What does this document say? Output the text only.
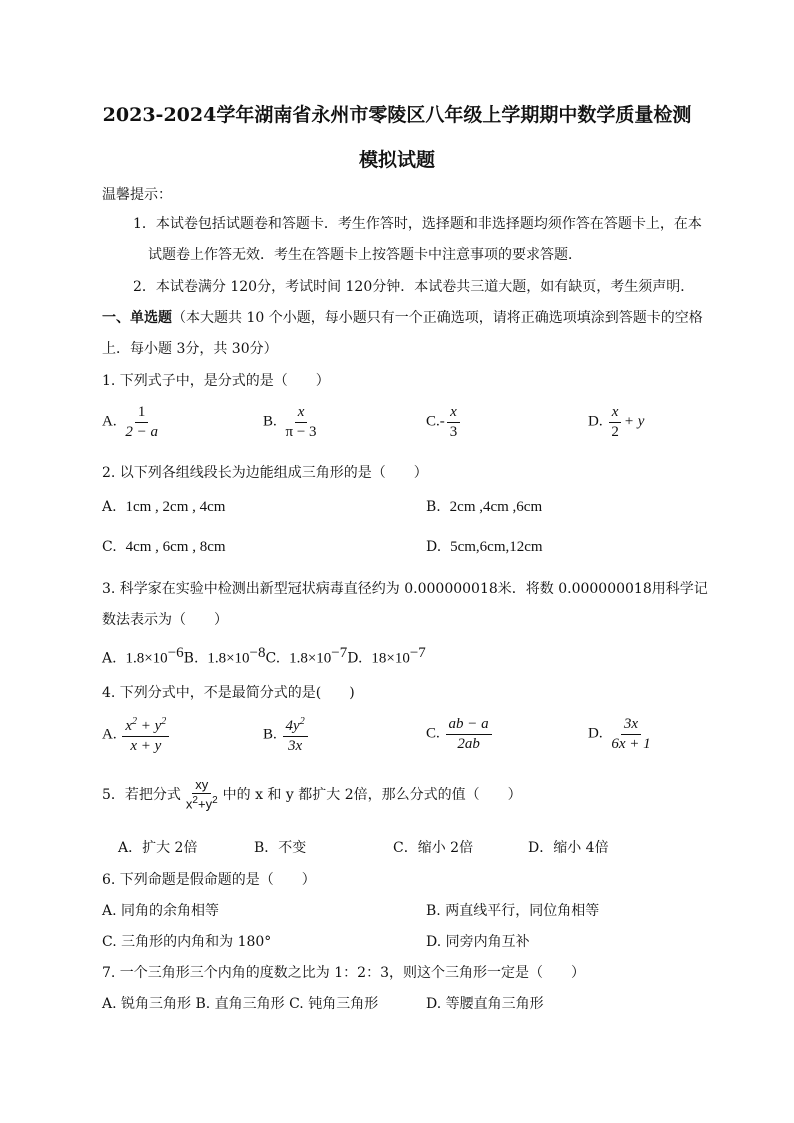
2023-2024学年湖南省永州市零陵区八年级上学期期中数学质量检测
模拟试题
温馨提示：
1．本试卷包括试题卷和答题卡．考生作答时，选择题和非选择题均须作答在答题卡上，在本
试题卷上作答无效．考生在答题卡上按答题卡中注意事项的要求答题．
2．本试卷满分 120分，考试时间 120分钟．本试卷共三道大题，如有缺页，考生须声明．
一、单选题（本大题共 10 个小题，每小题只有一个正确选项，请将正确选项填涂到答题卡的空格
上．每小题 3分，共 30分）
1. 下列式子中，是分式的是（　　）
A. $\frac{1}{2 - a}$	B. $\frac{x}{\pi - 3}$	$C.- \frac{x}{3}$	D. $\frac{x}{2} + y$
2. 以下列各组线段长为边能组成三角形的是（　　）
A. 1cm , 2cm , 4cm	B. 2cm ,4cm ,6cm
C. 4cm , 6cm , 8cm	D. 5cm,6cm,12cm
3. 科学家在实验中检测出新型冠状病毒直径约为 0.000000018米．将数 0.000000018用科学记
数法表示为（　　）
A. $1.8\times 10^{-6}B$. $1.8\times 10^{-8}C$. $1.8\times 10^{-7}D$. $18\times 10^{-7}$
4. 下列分式中，不是最简分式的是(　　)
A. $\frac{x^2 + y^2}{x + y}$	B. $\frac{4y^2}{3x}$	C. $\frac{ab - a}{2ab}$	D. $\frac{3x}{6x + 1}$
5．若把分式 $\frac{xy}{x^2+y^2}$ 中的 x 和 y 都扩大 2倍，那么分式的值（　　）
A．扩大 2倍	B．不变	C．缩小 2倍	D．缩小 4倍
6. 下列命题是假命题的是（　　）
A. 同角的余角相等	B. 两直线平行，同位角相等
C. 三角形的内角和为 180°	D. 同旁内角互补
7. 一个三角形三个内角的度数之比为 1：2：3，则这个三角形一定是（　　）
A. 锐角三角形 B. 直角三角形 C. 钝角三角形	D. 等腰直角三角形
